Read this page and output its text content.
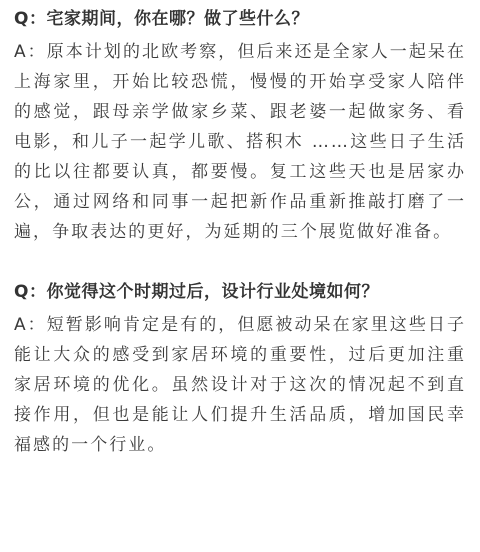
Q：宅家期间，你在哪？做了些什么？

A：原本计划的北欧考察，但后来还是全家人一起呆在上海家里，开始比较恐慌，慢慢的开始享受家人陪伴的感觉，跟母亲学做家乡菜、跟老婆一起做家务、看电影，和儿子一起学儿歌、搭积木 ……这些日子生活的比以往都要认真，都要慢。复工这些天也是居家办公，通过网络和同事一起把新作品重新推敲打磨了一遍，争取表达的更好，为延期的三个展览做好准备。

Q：你觉得这个时期过后，设计行业处境如何？

A：短暂影响肯定是有的，但愿被动呆在家里这些日子能让大众的感受到家居环境的重要性，过后更加注重家居环境的优化。虽然设计对于这次的情况起不到直接作用，但也是能让人们提升生活品质，增加国民幸福感的一个行业。
